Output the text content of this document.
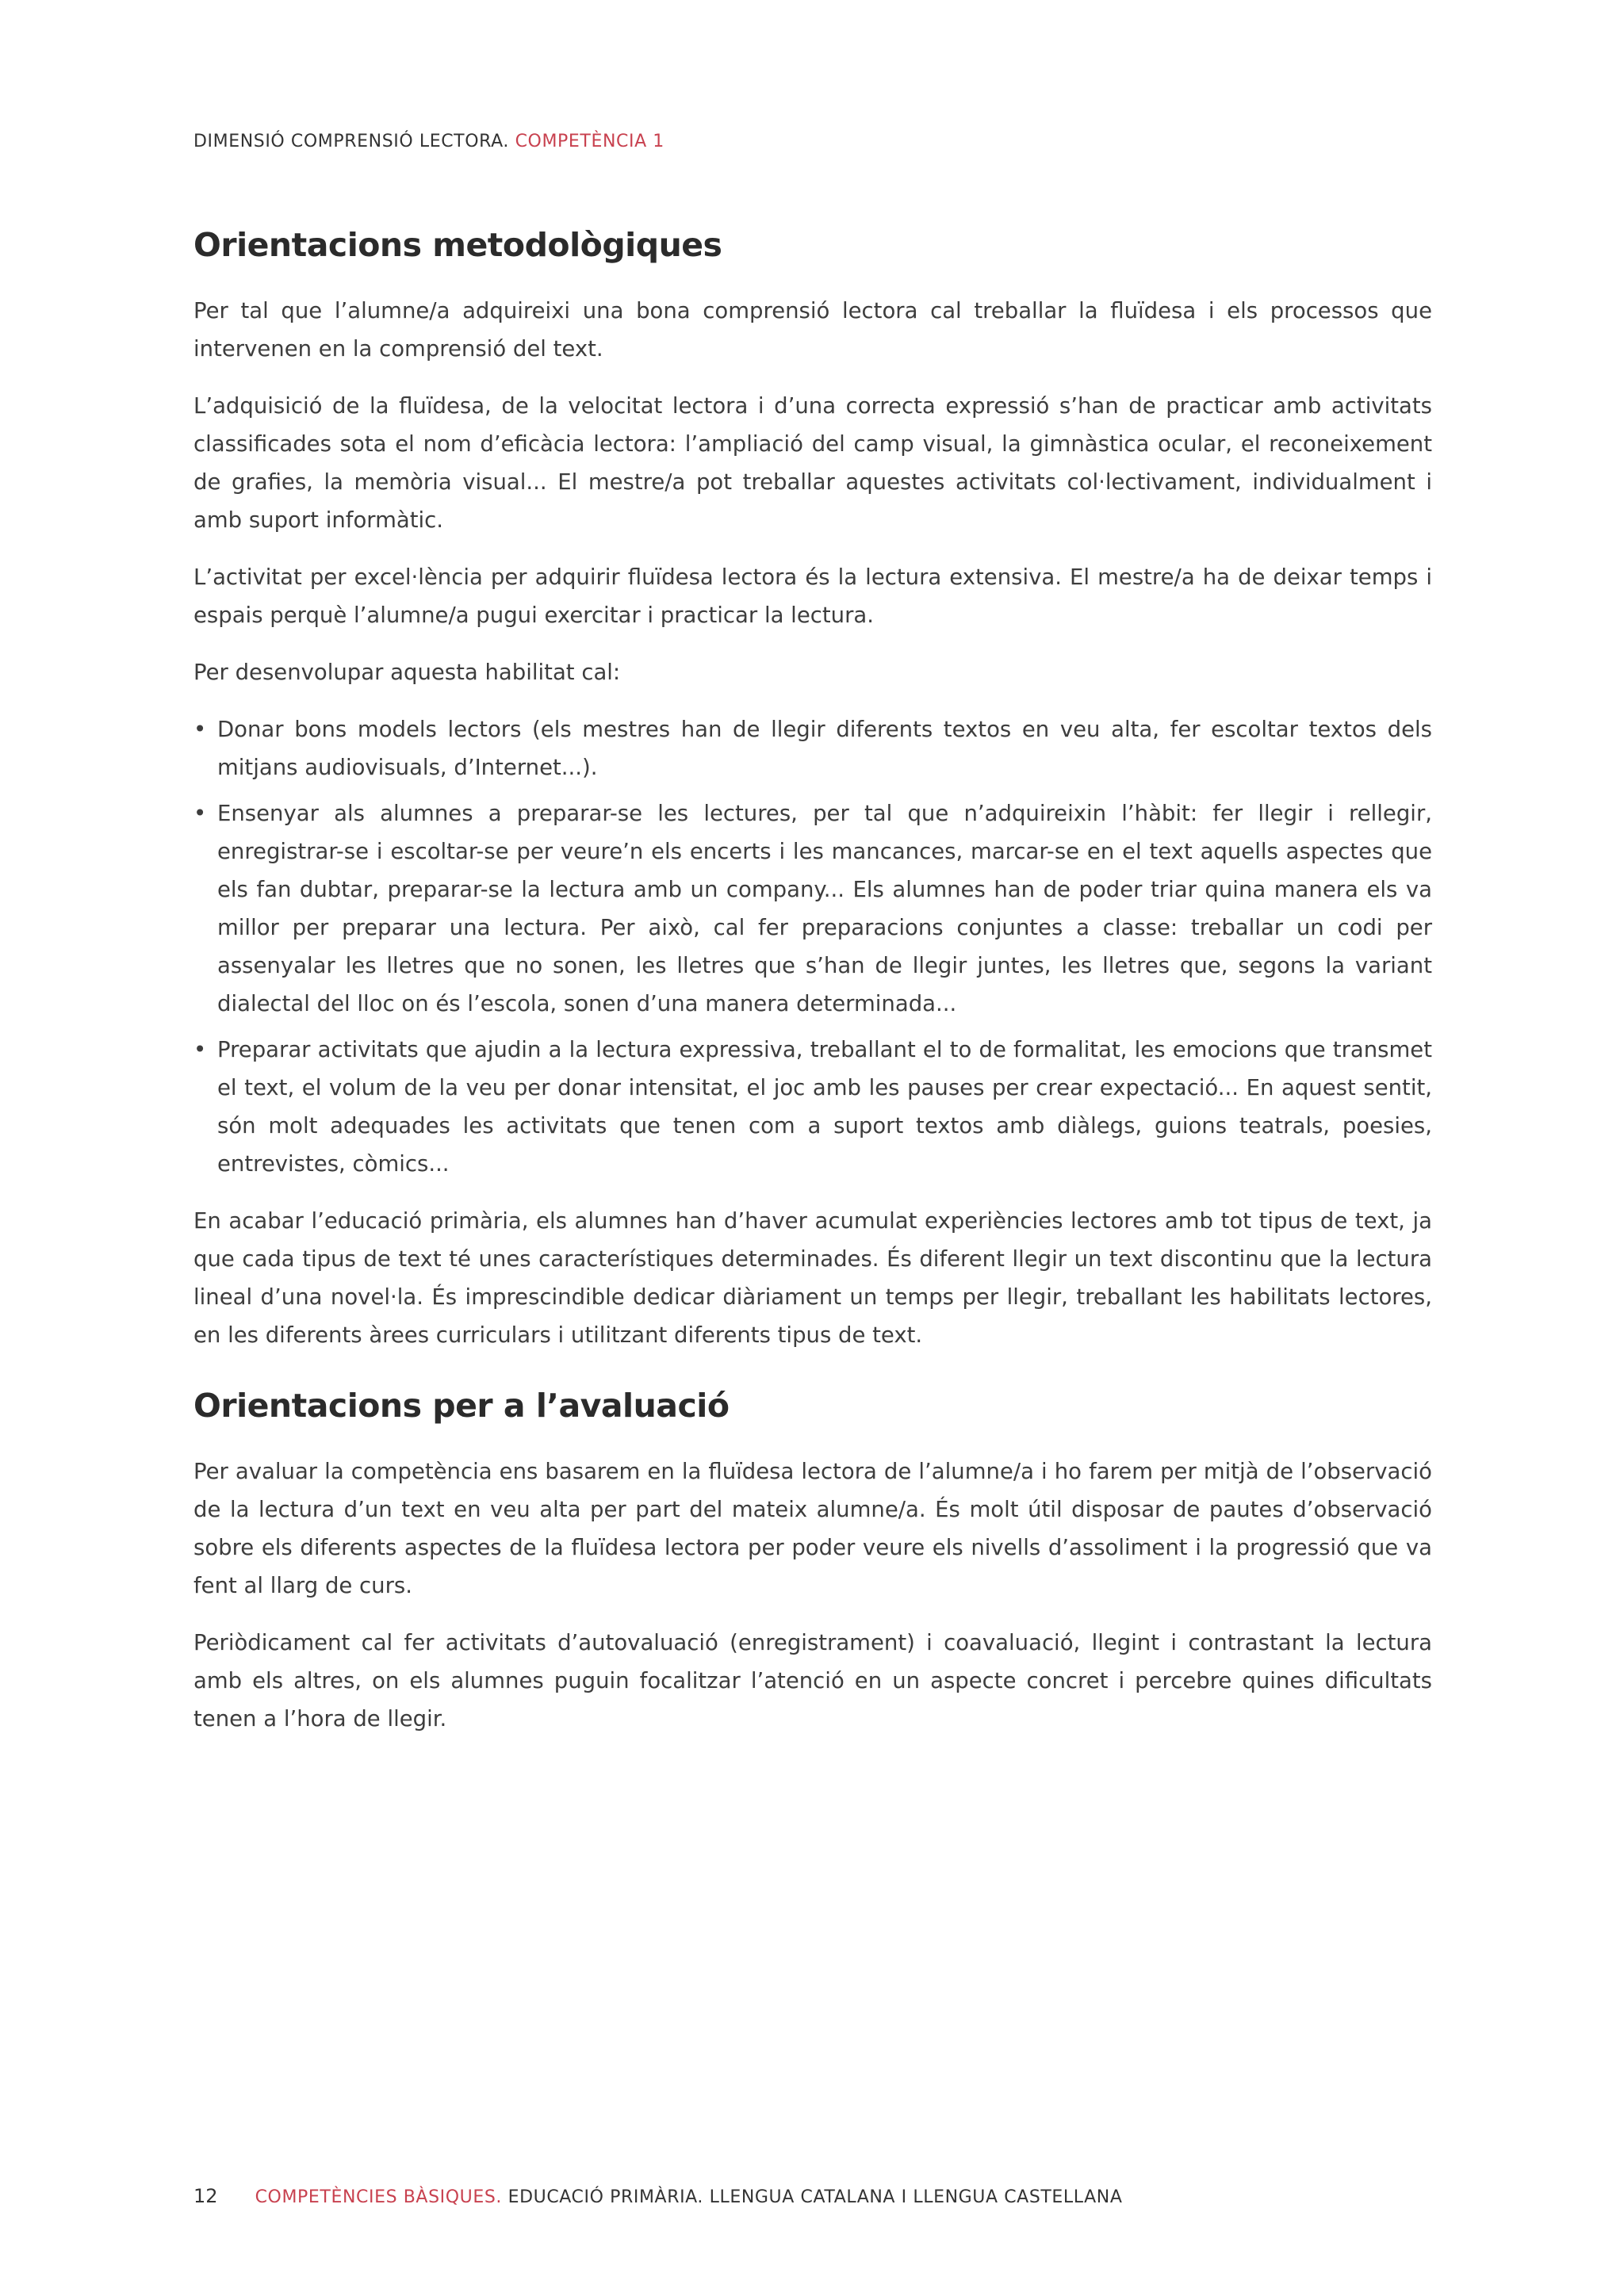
DIMENSIÓ COMPRENSIÓ LECTORA. COMPETÈNCIA 1
Orientacions metodològiques

Per tal que l’alumne/a adquireixi una bona comprensió lectora cal treballar la fluïdesa i els processos que intervenen en la comprensió del text.

L’adquisició de la fluïdesa, de la velocitat lectora i d’una correcta expressió s’han de practicar amb activitats classificades sota el nom d’eficàcia lectora: l’ampliació del camp visual, la gimnàstica ocular, el reconeixement de grafies, la memòria visual... El mestre/a pot treballar aquestes activitats col·lectivament, individualment i amb suport informàtic.

L’activitat per excel·lència per adquirir fluïdesa lectora és la lectura extensiva. El mestre/a ha de deixar temps i espais perquè l’alumne/a pugui exercitar i practicar la lectura.

Per desenvolupar aquesta habilitat cal:

• Donar bons models lectors (els mestres han de llegir diferents textos en veu alta, fer escoltar textos dels mitjans audiovisuals, d’Internet...).
• Ensenyar als alumnes a preparar-se les lectures, per tal que n’adquireixin l’hàbit: fer llegir i rellegir, enregistrar-se i escoltar-se per veure’n els encerts i les mancances, marcar-se en el text aquells aspectes que els fan dubtar, preparar-se la lectura amb un company... Els alumnes han de poder triar quina manera els va millor per preparar una lectura. Per això, cal fer preparacions conjuntes a classe: treballar un codi per assenyalar les lletres que no sonen, les lletres que s’han de llegir juntes, les lletres que, segons la variant dialectal del lloc on és l’escola, sonen d’una manera determinada...
• Preparar activitats que ajudin a la lectura expressiva, treballant el to de formalitat, les emocions que transmet el text, el volum de la veu per donar intensitat, el joc amb les pauses per crear expectació... En aquest sentit, són molt adequades les activitats que tenen com a suport textos amb diàlegs, guions teatrals, poesies, entrevistes, còmics...

En acabar l’educació primària, els alumnes han d’haver acumulat experiències lectores amb tot tipus de text, ja que cada tipus de text té unes característiques determinades. És diferent llegir un text discontinu que la lectura lineal d’una novel·la. És imprescindible dedicar diàriament un temps per llegir, treballant les habilitats lectores, en les diferents àrees curriculars i utilitzant diferents tipus de text.

Orientacions per a l’avaluació

Per avaluar la competència ens basarem en la fluïdesa lectora de l’alumne/a i ho farem per mitjà de l’observació de la lectura d’un text en veu alta per part del mateix alumne/a. És molt útil disposar de pautes d’observació sobre els diferents aspectes de la fluïdesa lectora per poder veure els nivells d’assoliment i la progressió que va fent al llarg de curs.

Periòdicament cal fer activitats d’autovaluació (enregistrament) i coavaluació, llegint i contrastant la lectura amb els altres, on els alumnes puguin focalitzar l’atenció en un aspecte concret i percebre quines dificultats tenen a l’hora de llegir.

12 COMPETÈNCIES BÀSIQUES. EDUCACIÓ PRIMÀRIA. LLENGUA CATALANA I LLENGUA CASTELLANA
